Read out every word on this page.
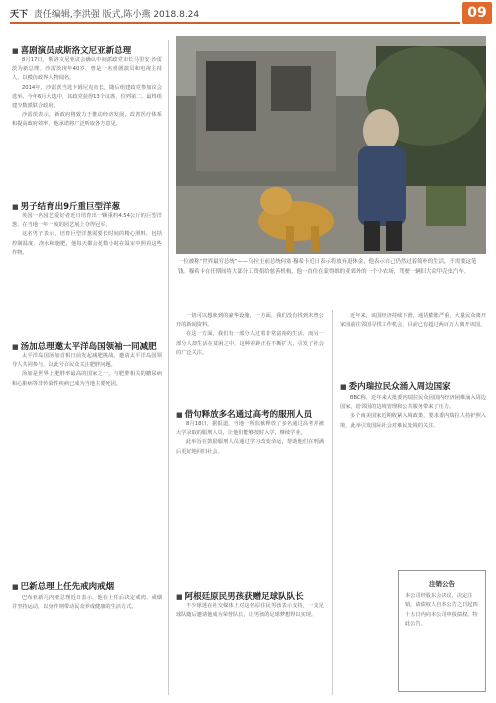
天下 责任编辑,李洪强 版式,陈小燕 2018.8.24	09
■ 喜剧演员成斯洛文尼亚新总理

8月17日，斯洛文尼亚议会确认中间派政党市长马里安·沙雷茨为新总理。沙雷茨现年40岁，曾是一名喜剧演员和电视主持人，以模仿政界人物闻名。

2014年，沙雷茨当选卡姆尼克市长，随后组建政党参加议会选举。今年6月大选中，其政党获得13个议席，位列第二，最终组建少数派联合政府。

沙雷茨表示，新政府将致力于推动经济发展、改善医疗体系和提高政府效率，他承诺将广泛听取各方意见。

■ 男子结育出9斤重巨型洋葱

英国一名园艺爱好者近日培育出一颗重约4.54公斤的巨型洋葱，在当地一年一度的园艺展上夺得冠军。

这名男子表示，培育巨型洋葱需要长时间的精心照料，包括控制温度、浇水和施肥，他每天都会花数小时在温室中照看这些作物。

■ 汤加总理邀太平洋岛国领袖一同减肥

太平洋岛国汤加首相日前发起减肥挑战，邀请太平洋岛国领导人共同参与，以此号召民众关注肥胖问题。

汤加是世界上肥胖率最高的国家之一，与肥胖相关的糖尿病和心脏病等非传染性疾病已成为当地主要死因。

■ 巴新总理上任先戒肉戒烟

巴布亚新几内亚总理近日表示，他在上任后决定戒肉、戒烟并坚持运动，以身作则带动民众养成健康的生活方式。

一位被称“世界最穷总统”——乌拉圭前总统何塞·穆希卡近日表示将放弃退休金，他表示自己仍然过着简朴的生活，不需要这笔钱。穆希卡在任期间将大部分工资捐给慈善机构，他一直住在蒙得维的亚郊外的一个小农场，驾驶一辆旧大众甲壳虫汽车。

一切可以想象到的豪华设施，一方面，我们没有找到未曾公开的新闻资料。

在这一方面，我们有一部分人过着非常富裕的生活，而另一部分人却生活在贫困之中，这种差距正在不断扩大，引发了社会的广泛关注。

■ 借句释放多名通过高考的服刑人员

8月18日，据报道，当地一所监狱释放了多名通过高考并被大学录取的服刑人员，让他们能够按时入学，继续学业。

此举旨在鼓励服刑人员通过学习改变命运，帮助他们在刑满后更好地回归社会。

■ 阿根廷原民男孩获赠足球队队长

不少球迷在社交媒体上对这名原住民男孩表示支持，一支足球队随后邀请他成为荣誉队长，让男孩的足球梦想得以实现。

近年来，该国经济持续下滑，通货膨胀严重，大量民众离开家园前往邻国寻找工作机会，目前已有超过两百万人离开该国。

■ 委内瑞拉民众涌入周边国家

BBC称，近年来大批委内瑞拉民众因国内经济困难涌入周边国家，给邻国的边境管理和公共服务带来了压力。

多个南美国家近期收紧入境政策，要求委内瑞拉人持护照入境，此举引发国际社会对难民处境的关注。

注销公告
本公司经股东会决议，决定注销。请债权人自本公告之日起四十五日内向本公司申报债权。特此公告。
